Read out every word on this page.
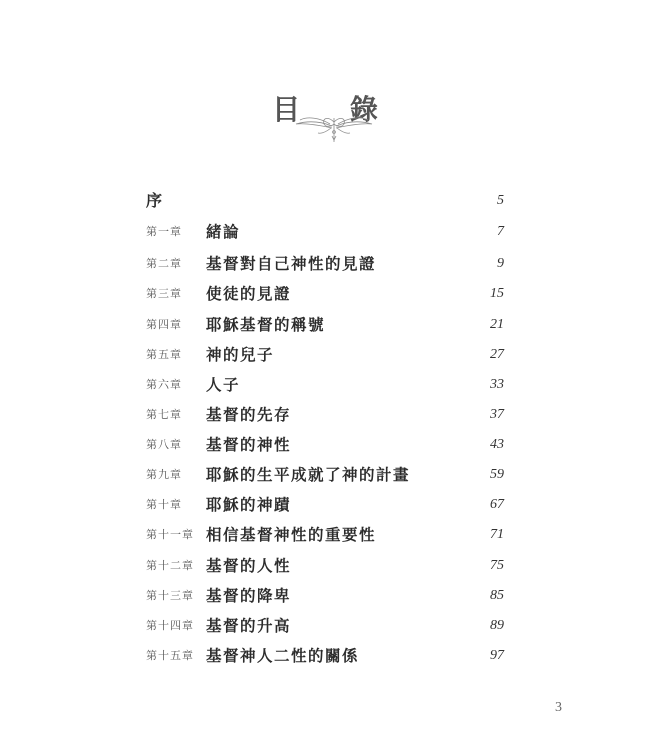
目 錄
序	5
第一章 緒論	7
第二章 基督對自己神性的見證	9
第三章 使徒的見證	15
第四章 耶穌基督的稱號	21
第五章 神的兒子	27
第六章 人子	33
第七章 基督的先存	37
第八章 基督的神性	43
第九章 耶穌的生平成就了神的計畫	59
第十章 耶穌的神蹟	67
第十一章 相信基督神性的重要性	71
第十二章 基督的人性	75
第十三章 基督的降卑	85
第十四章 基督的升高	89
第十五章 基督神人二性的關係	97
3
